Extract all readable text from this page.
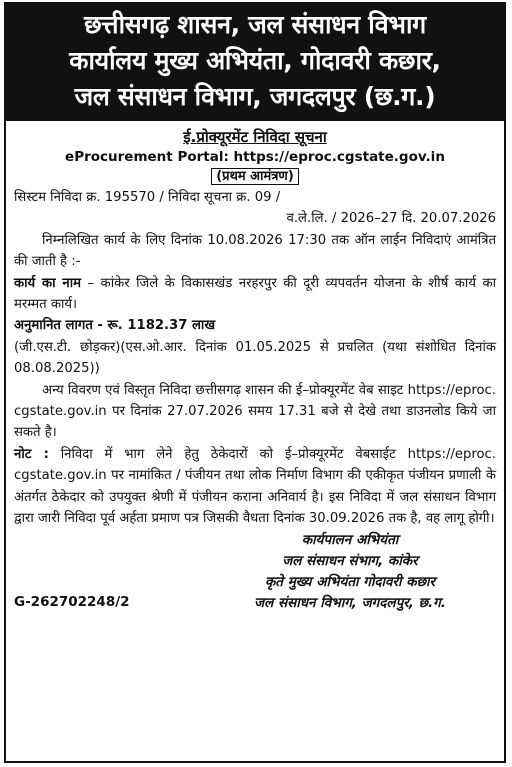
छत्तीसगढ़ शासन, जल संसाधन विभाग
कार्यालय मुख्य अभियंता, गोदावरी कछार,
जल संसाधन विभाग, जगदलपुर (छ.ग.)
ई.प्रोक्यूरमेंट निविदा सूचना
eProcurement Portal: https://eproc.cgstate.gov.in
(प्रथम आमंत्रण)
सिस्टम निविदा क्र. 195570 / निविदा सूचना क्र. 09 /
व.ले.लि. / 2026–27 दि. 20.07.2026
निम्नलिखित कार्य के लिए दिनांक 10.08.2026 17:30 तक ऑन लाईन निविदाएं आमंत्रित की जाती है :-
कार्य का नाम – कांकेर जिले के विकासखंड नरहरपुर की दूरी व्यपवर्तन योजना के शीर्ष कार्य का मरम्मत कार्य।
अनुमानित लागत - रू. 1182.37 लाख
(जी.एस.टी. छोड़कर)(एस.ओ.आर. दिनांक 01.05.2025 से प्रचलित (यथा संशोधित दिनांक 08.08.2025))
अन्य विवरण एवं विस्तृत निविदा छत्तीसगढ़ शासन की ई–प्रोक्यूरमेंट वेब साइट https://eproc. cgstate.gov.in पर दिनांक 27.07.2026 समय 17.31 बजे से देखे तथा डाउनलोड किये जा सकते है।
नोट : निविदा में भाग लेने हेतु ठेकेदारों को ई–प्रोक्यूरमेंट वेबसाईट https://eproc. cgstate.gov.in पर नामांकित / पंजीयन तथा लोक निर्माण विभाग की एकीकृत पंजीयन प्रणाली के अंतर्गत ठेकेदार को उपयुक्त श्रेणी में पंजीयन कराना अनिवार्य है। इस निविदा में जल संसाधन विभाग द्वारा जारी निविदा पूर्व अर्हता प्रमाण पत्र जिसकी वैधता दिनांक 30.09.2026 तक है, वह लागू होगी।
कार्यपालन अभियंता
जल संसाधन संभाग, कांकेर
कृते मुख्य अभियंता गोदावरी कछार
जल संसाधन विभाग, जगदलपुर, छ.ग.
G-262702248/2
